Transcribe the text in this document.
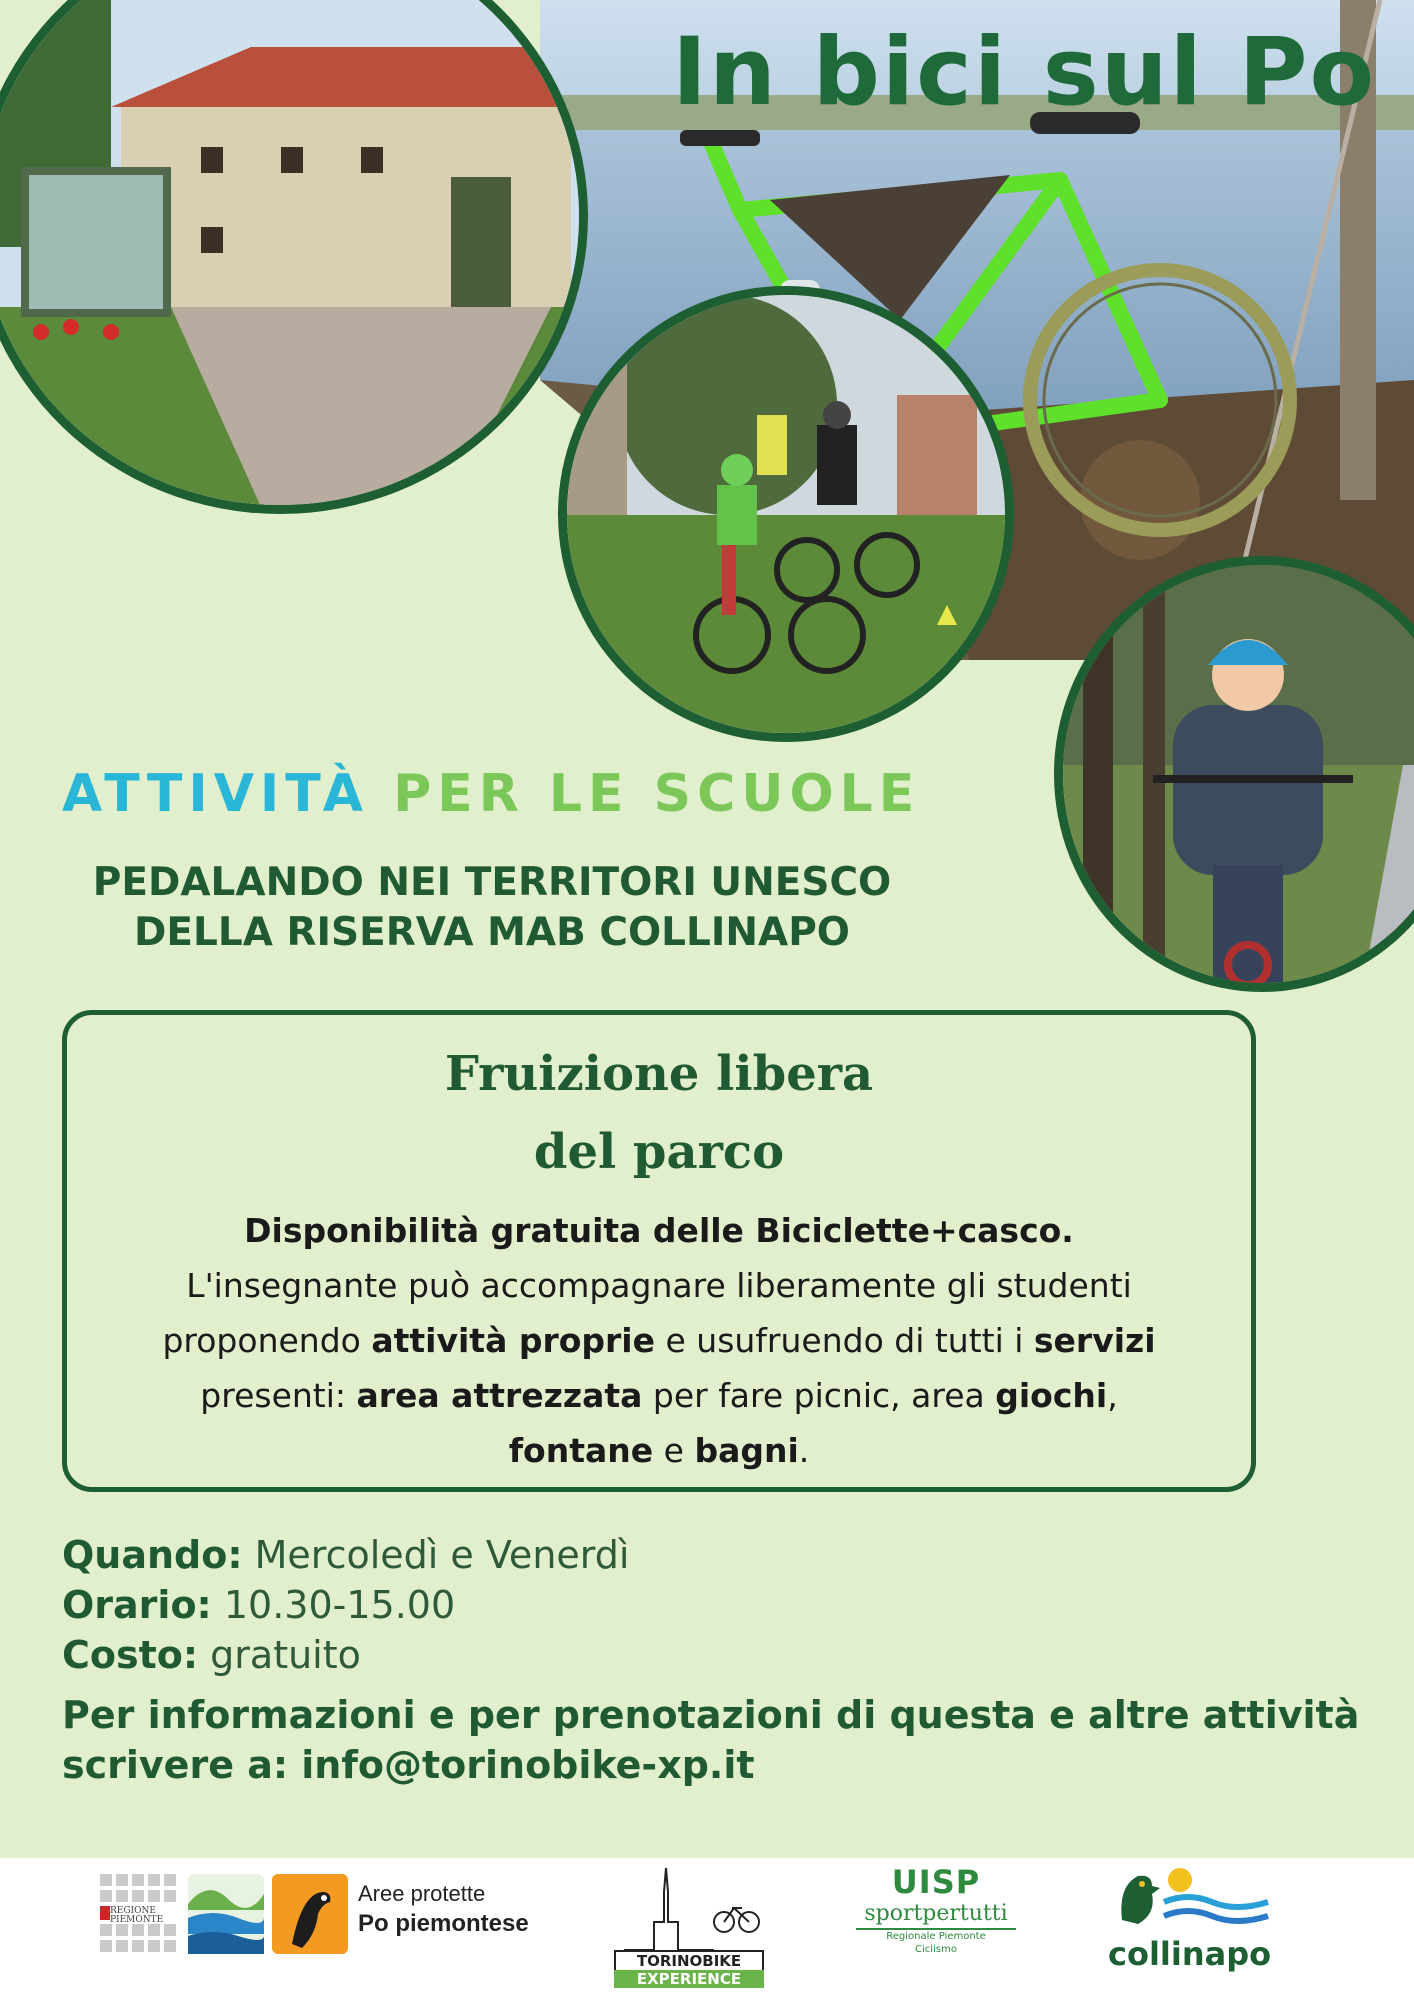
In bici sul Po
ATTIVITÀ PER LE SCUOLE
PEDALANDO NEI TERRITORI UNESCO
DELLA RISERVA MAB COLLINAPO
Fruizione libera
del parco
Disponibilità gratuita delle Biciclette+casco.
L'insegnante può accompagnare liberamente gli studenti
proponendo attività proprie e usufruendo di tutti i servizi
presenti: area attrezzata per fare picnic, area giochi,
fontane e bagni.
Quando: Mercoledì e Venerdì
Orario: 10.30-15.00
Costo: gratuito
Per informazioni e per prenotazioni di questa e altre attività
scrivere a: info@torinobike-xp.it
REGIONE PIEMONTE
Aree protette
Po piemontese
TORINOBIKE
EXPERIENCE
UISP
sportpertutti
Regionale Piemonte
Ciclismo	collinapo
